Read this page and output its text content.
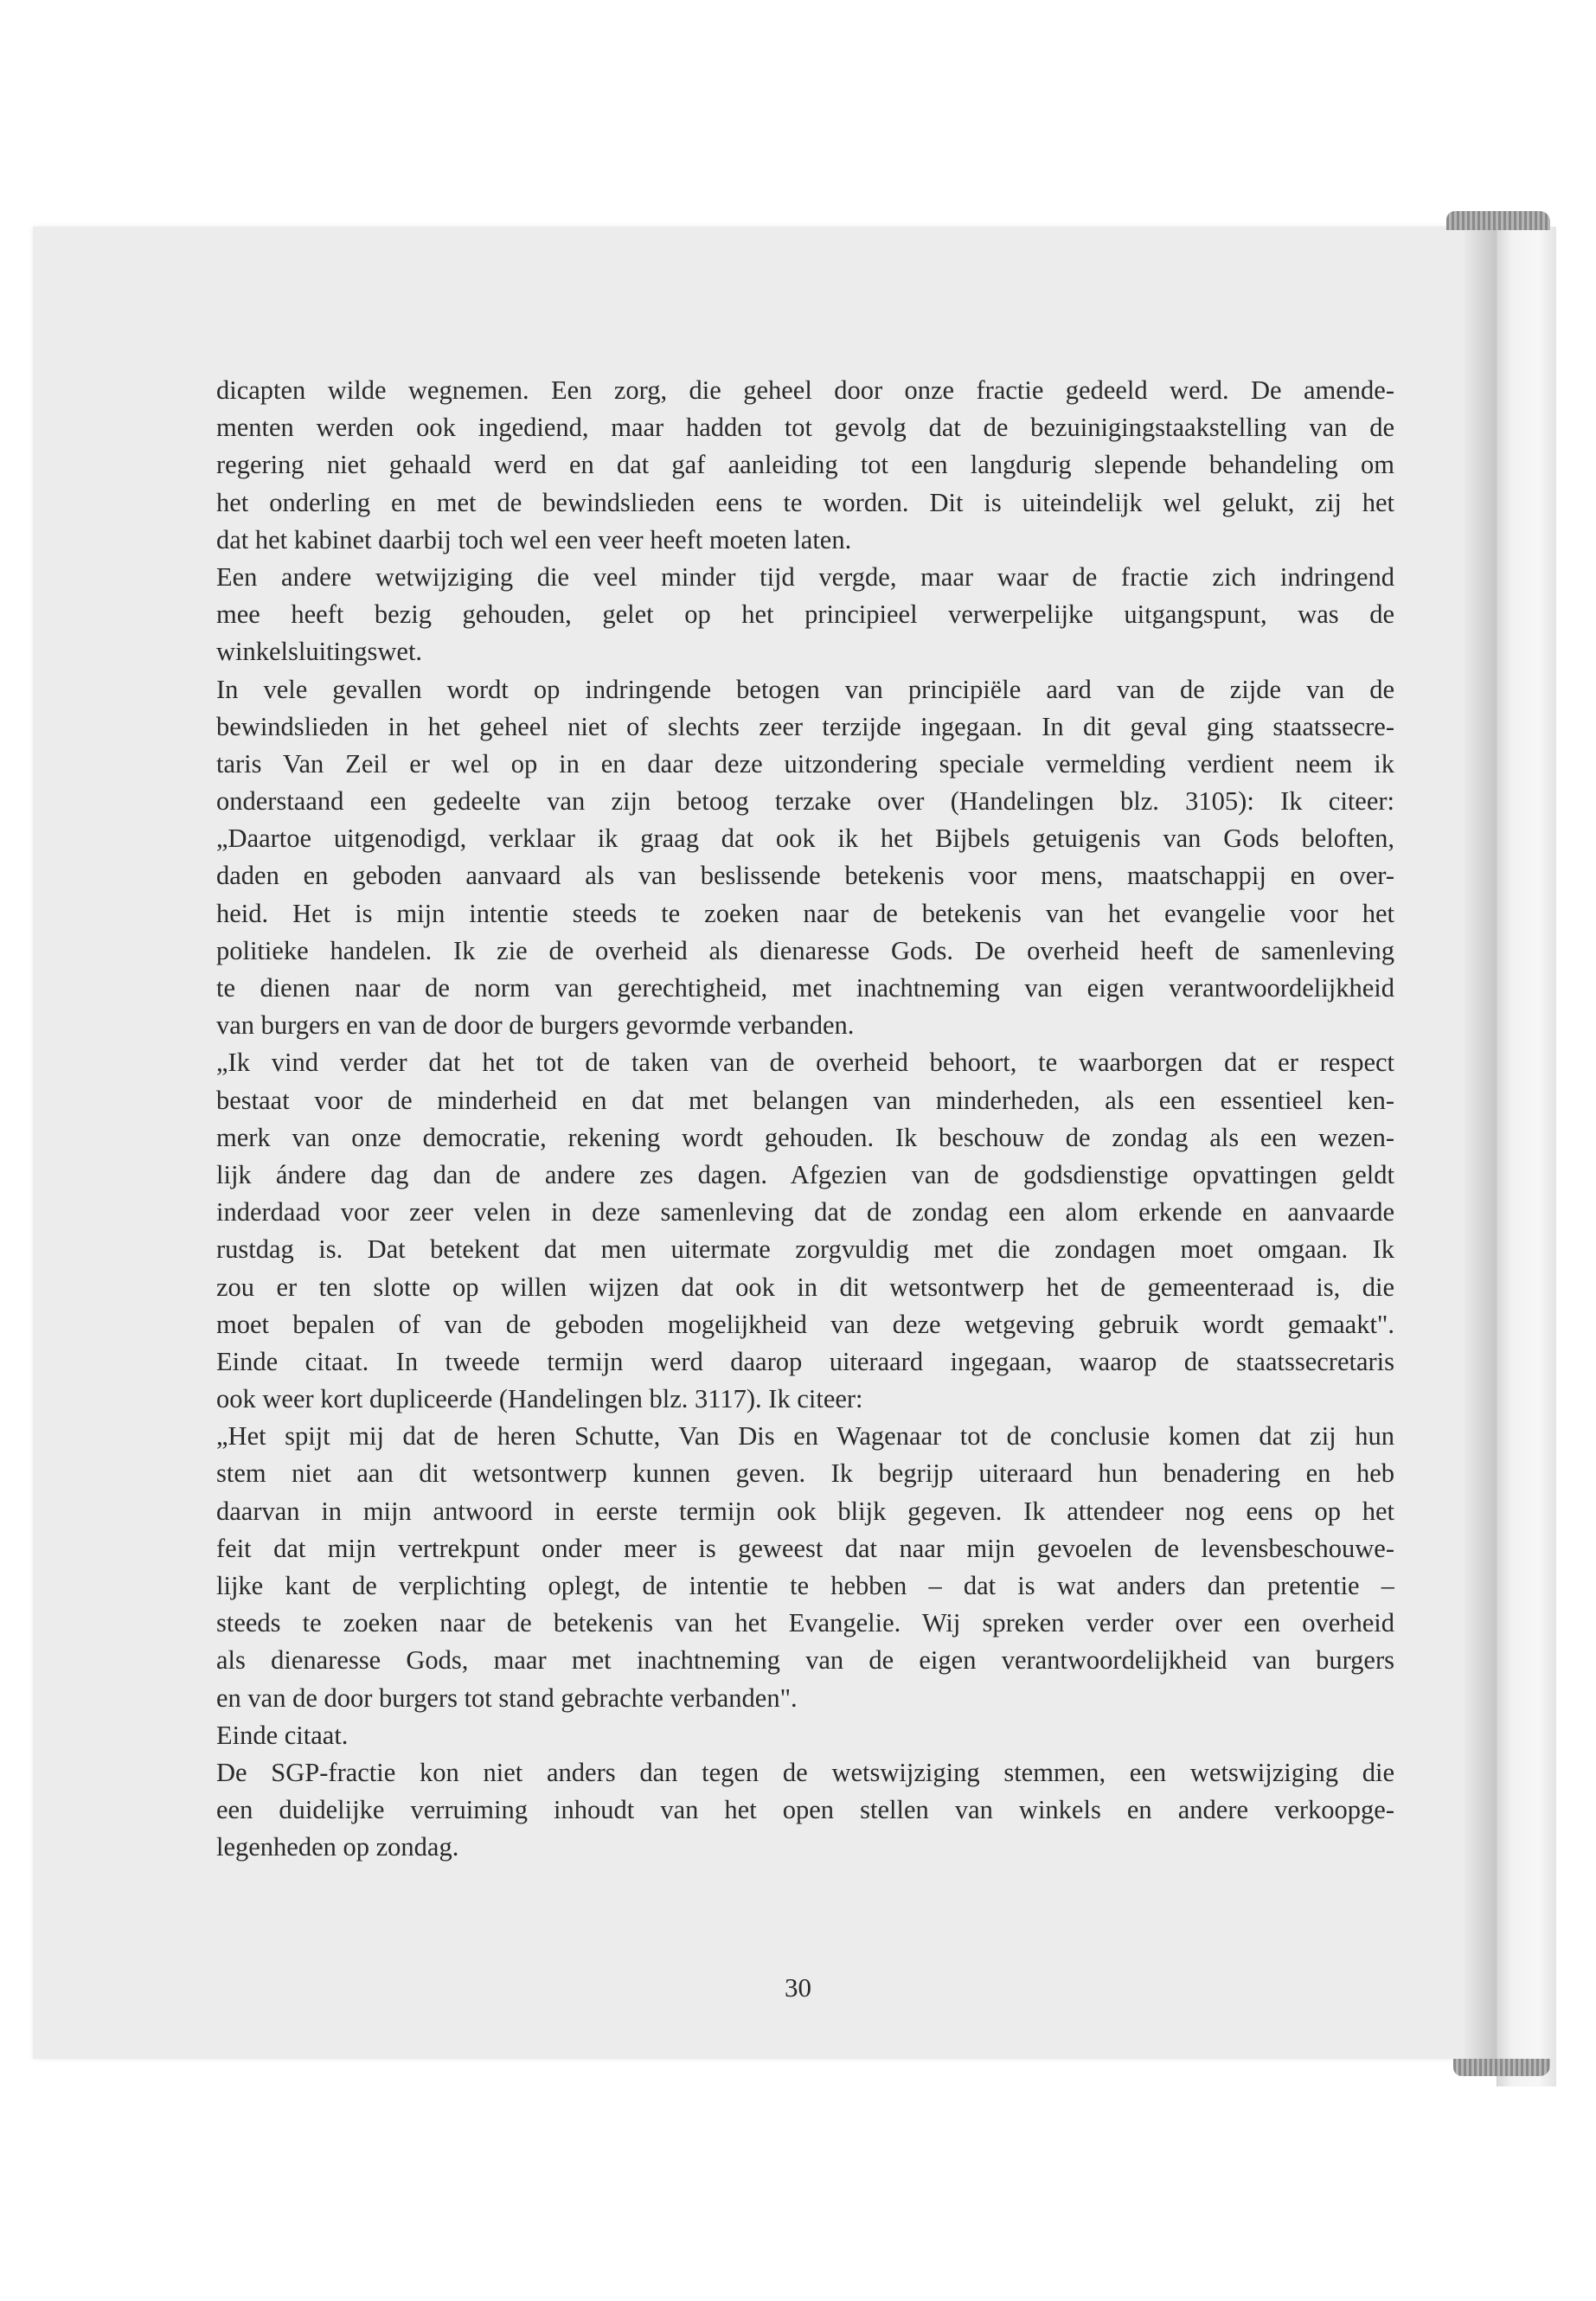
dicapten wilde wegnemen. Een zorg, die geheel door onze fractie gedeeld werd. De amende-
menten werden ook ingediend, maar hadden tot gevolg dat de bezuinigingstaakstelling van de
regering niet gehaald werd en dat gaf aanleiding tot een langdurig slepende behandeling om
het onderling en met de bewindslieden eens te worden. Dit is uiteindelijk wel gelukt, zij het
dat het kabinet daarbij toch wel een veer heeft moeten laten.
Een andere wetwijziging die veel minder tijd vergde, maar waar de fractie zich indringend
mee heeft bezig gehouden, gelet op het principieel verwerpelijke uitgangspunt, was de
winkelsluitingswet.
In vele gevallen wordt op indringende betogen van principiële aard van de zijde van de
bewindslieden in het geheel niet of slechts zeer terzijde ingegaan. In dit geval ging staatssecre-
taris Van Zeil er wel op in en daar deze uitzondering speciale vermelding verdient neem ik
onderstaand een gedeelte van zijn betoog terzake over (Handelingen blz. 3105): Ik citeer:
„Daartoe uitgenodigd, verklaar ik graag dat ook ik het Bijbels getuigenis van Gods beloften,
daden en geboden aanvaard als van beslissende betekenis voor mens, maatschappij en over-
heid. Het is mijn intentie steeds te zoeken naar de betekenis van het evangelie voor het
politieke handelen. Ik zie de overheid als dienaresse Gods. De overheid heeft de samenleving
te dienen naar de norm van gerechtigheid, met inachtneming van eigen verantwoordelijkheid
van burgers en van de door de burgers gevormde verbanden.
„Ik vind verder dat het tot de taken van de overheid behoort, te waarborgen dat er respect
bestaat voor de minderheid en dat met belangen van minderheden, als een essentieel ken-
merk van onze democratie, rekening wordt gehouden. Ik beschouw de zondag als een wezen-
lijk ándere dag dan de andere zes dagen. Afgezien van de godsdienstige opvattingen geldt
inderdaad voor zeer velen in deze samenleving dat de zondag een alom erkende en aanvaarde
rustdag is. Dat betekent dat men uitermate zorgvuldig met die zondagen moet omgaan. Ik
zou er ten slotte op willen wijzen dat ook in dit wetsontwerp het de gemeenteraad is, die
moet bepalen of van de geboden mogelijkheid van deze wetgeving gebruik wordt gemaakt".
Einde citaat. In tweede termijn werd daarop uiteraard ingegaan, waarop de staatssecretaris
ook weer kort dupliceerde (Handelingen blz. 3117). Ik citeer:
„Het spijt mij dat de heren Schutte, Van Dis en Wagenaar tot de conclusie komen dat zij hun
stem niet aan dit wetsontwerp kunnen geven. Ik begrijp uiteraard hun benadering en heb
daarvan in mijn antwoord in eerste termijn ook blijk gegeven. Ik attendeer nog eens op het
feit dat mijn vertrekpunt onder meer is geweest dat naar mijn gevoelen de levensbeschouwe-
lijke kant de verplichting oplegt, de intentie te hebben – dat is wat anders dan pretentie –
steeds te zoeken naar de betekenis van het Evangelie. Wij spreken verder over een overheid
als dienaresse Gods, maar met inachtneming van de eigen verantwoordelijkheid van burgers
en van de door burgers tot stand gebrachte verbanden".
Einde citaat.
De SGP-fractie kon niet anders dan tegen de wetswijziging stemmen, een wetswijziging die
een duidelijke verruiming inhoudt van het open stellen van winkels en andere verkoopge-
legenheden op zondag.
30
